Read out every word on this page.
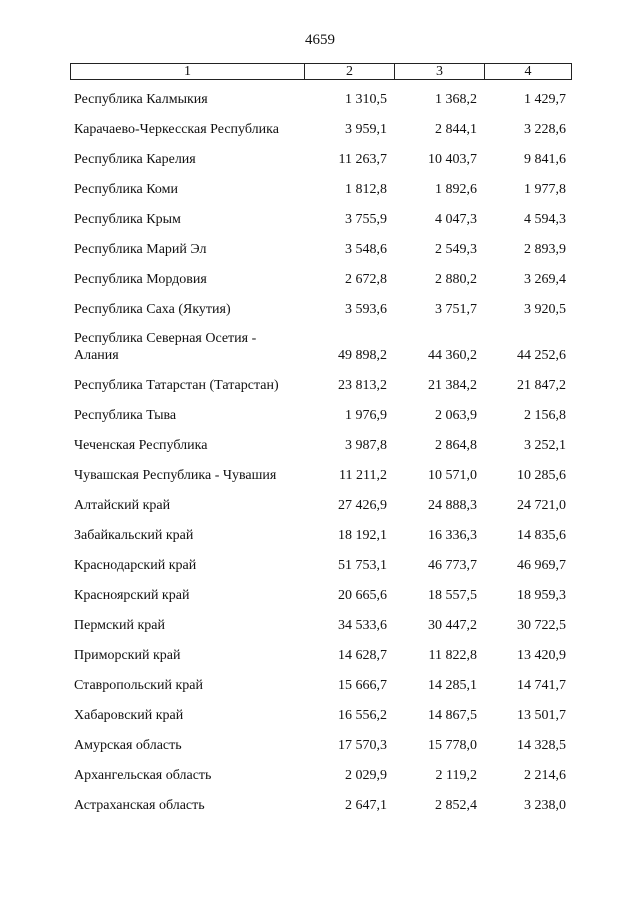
4659
1	2	3	4
Республика Калмыкия	1 310,5	1 368,2	1 429,7
Карачаево-Черкесская Республика	3 959,1	2 844,1	3 228,6
Республика Карелия	11 263,7	10 403,7	9 841,6
Республика Коми	1 812,8	1 892,6	1 977,8
Республика Крым	3 755,9	4 047,3	4 594,3
Республика Марий Эл	3 548,6	2 549,3	2 893,9
Республика Мордовия	2 672,8	2 880,2	3 269,4
Республика Саха (Якутия)	3 593,6	3 751,7	3 920,5
Республика Северная Осетия -
Алания	49 898,2	44 360,2	44 252,6
Республика Татарстан (Татарстан)	23 813,2	21 384,2	21 847,2
Республика Тыва	1 976,9	2 063,9	2 156,8
Чеченская Республика	3 987,8	2 864,8	3 252,1
Чувашская Республика - Чувашия	11 211,2	10 571,0	10 285,6
Алтайский край	27 426,9	24 888,3	24 721,0
Забайкальский край	18 192,1	16 336,3	14 835,6
Краснодарский край	51 753,1	46 773,7	46 969,7
Красноярский край	20 665,6	18 557,5	18 959,3
Пермский край	34 533,6	30 447,2	30 722,5
Приморский край	14 628,7	11 822,8	13 420,9
Ставропольский край	15 666,7	14 285,1	14 741,7
Хабаровский край	16 556,2	14 867,5	13 501,7
Амурская область	17 570,3	15 778,0	14 328,5
Архангельская область	2 029,9	2 119,2	2 214,6
Астраханская область	2 647,1	2 852,4	3 238,0
